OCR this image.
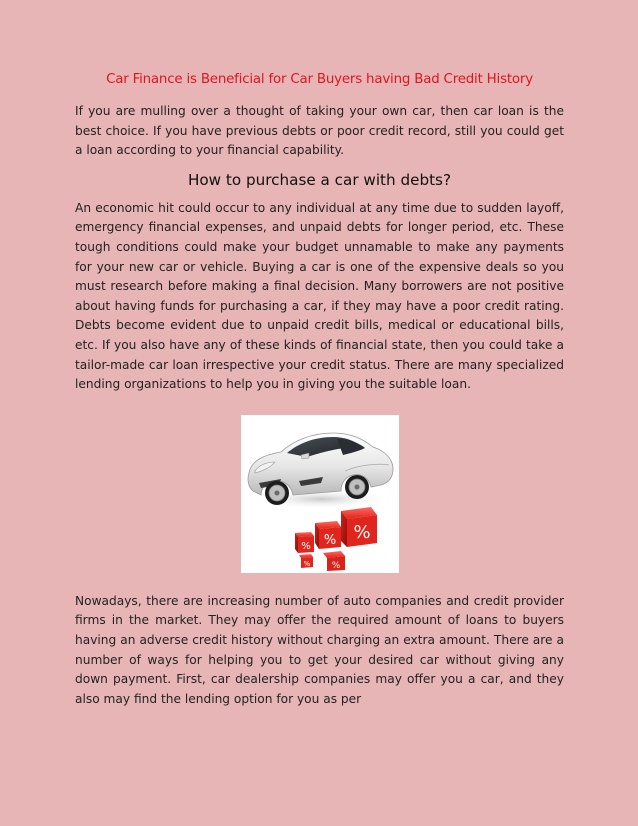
Car Finance is Beneficial for Car Buyers having Bad Credit History

If you are mulling over a thought of taking your own car, then car loan is the best choice. If you have previous debts or poor credit record, still you could get a loan according to your financial capability.

How to purchase a car with debts?

An economic hit could occur to any individual at any time due to sudden layoff, emergency financial expenses, and unpaid debts for longer period, etc. These tough conditions could make your budget unnamable to make any payments for your new car or vehicle. Buying a car is one of the expensive deals so you must research before making a final decision. Many borrowers are not positive about having funds for purchasing a car, if they may have a poor credit rating. Debts become evident due to unpaid credit bills, medical or educational bills, etc. If you also have any of these kinds of financial state, then you could take a tailor-made car loan irrespective your credit status. There are many specialized lending organizations to help you in giving you the suitable loan.

%
%
%
% %

Nowadays, there are increasing number of auto companies and credit provider firms in the market. They may offer the required amount of loans to buyers having an adverse credit history without charging an extra amount. There are a number of ways for helping you to get your desired car without giving any down payment. First, car dealership companies may offer you a car, and they also may find the lending option for you as per
